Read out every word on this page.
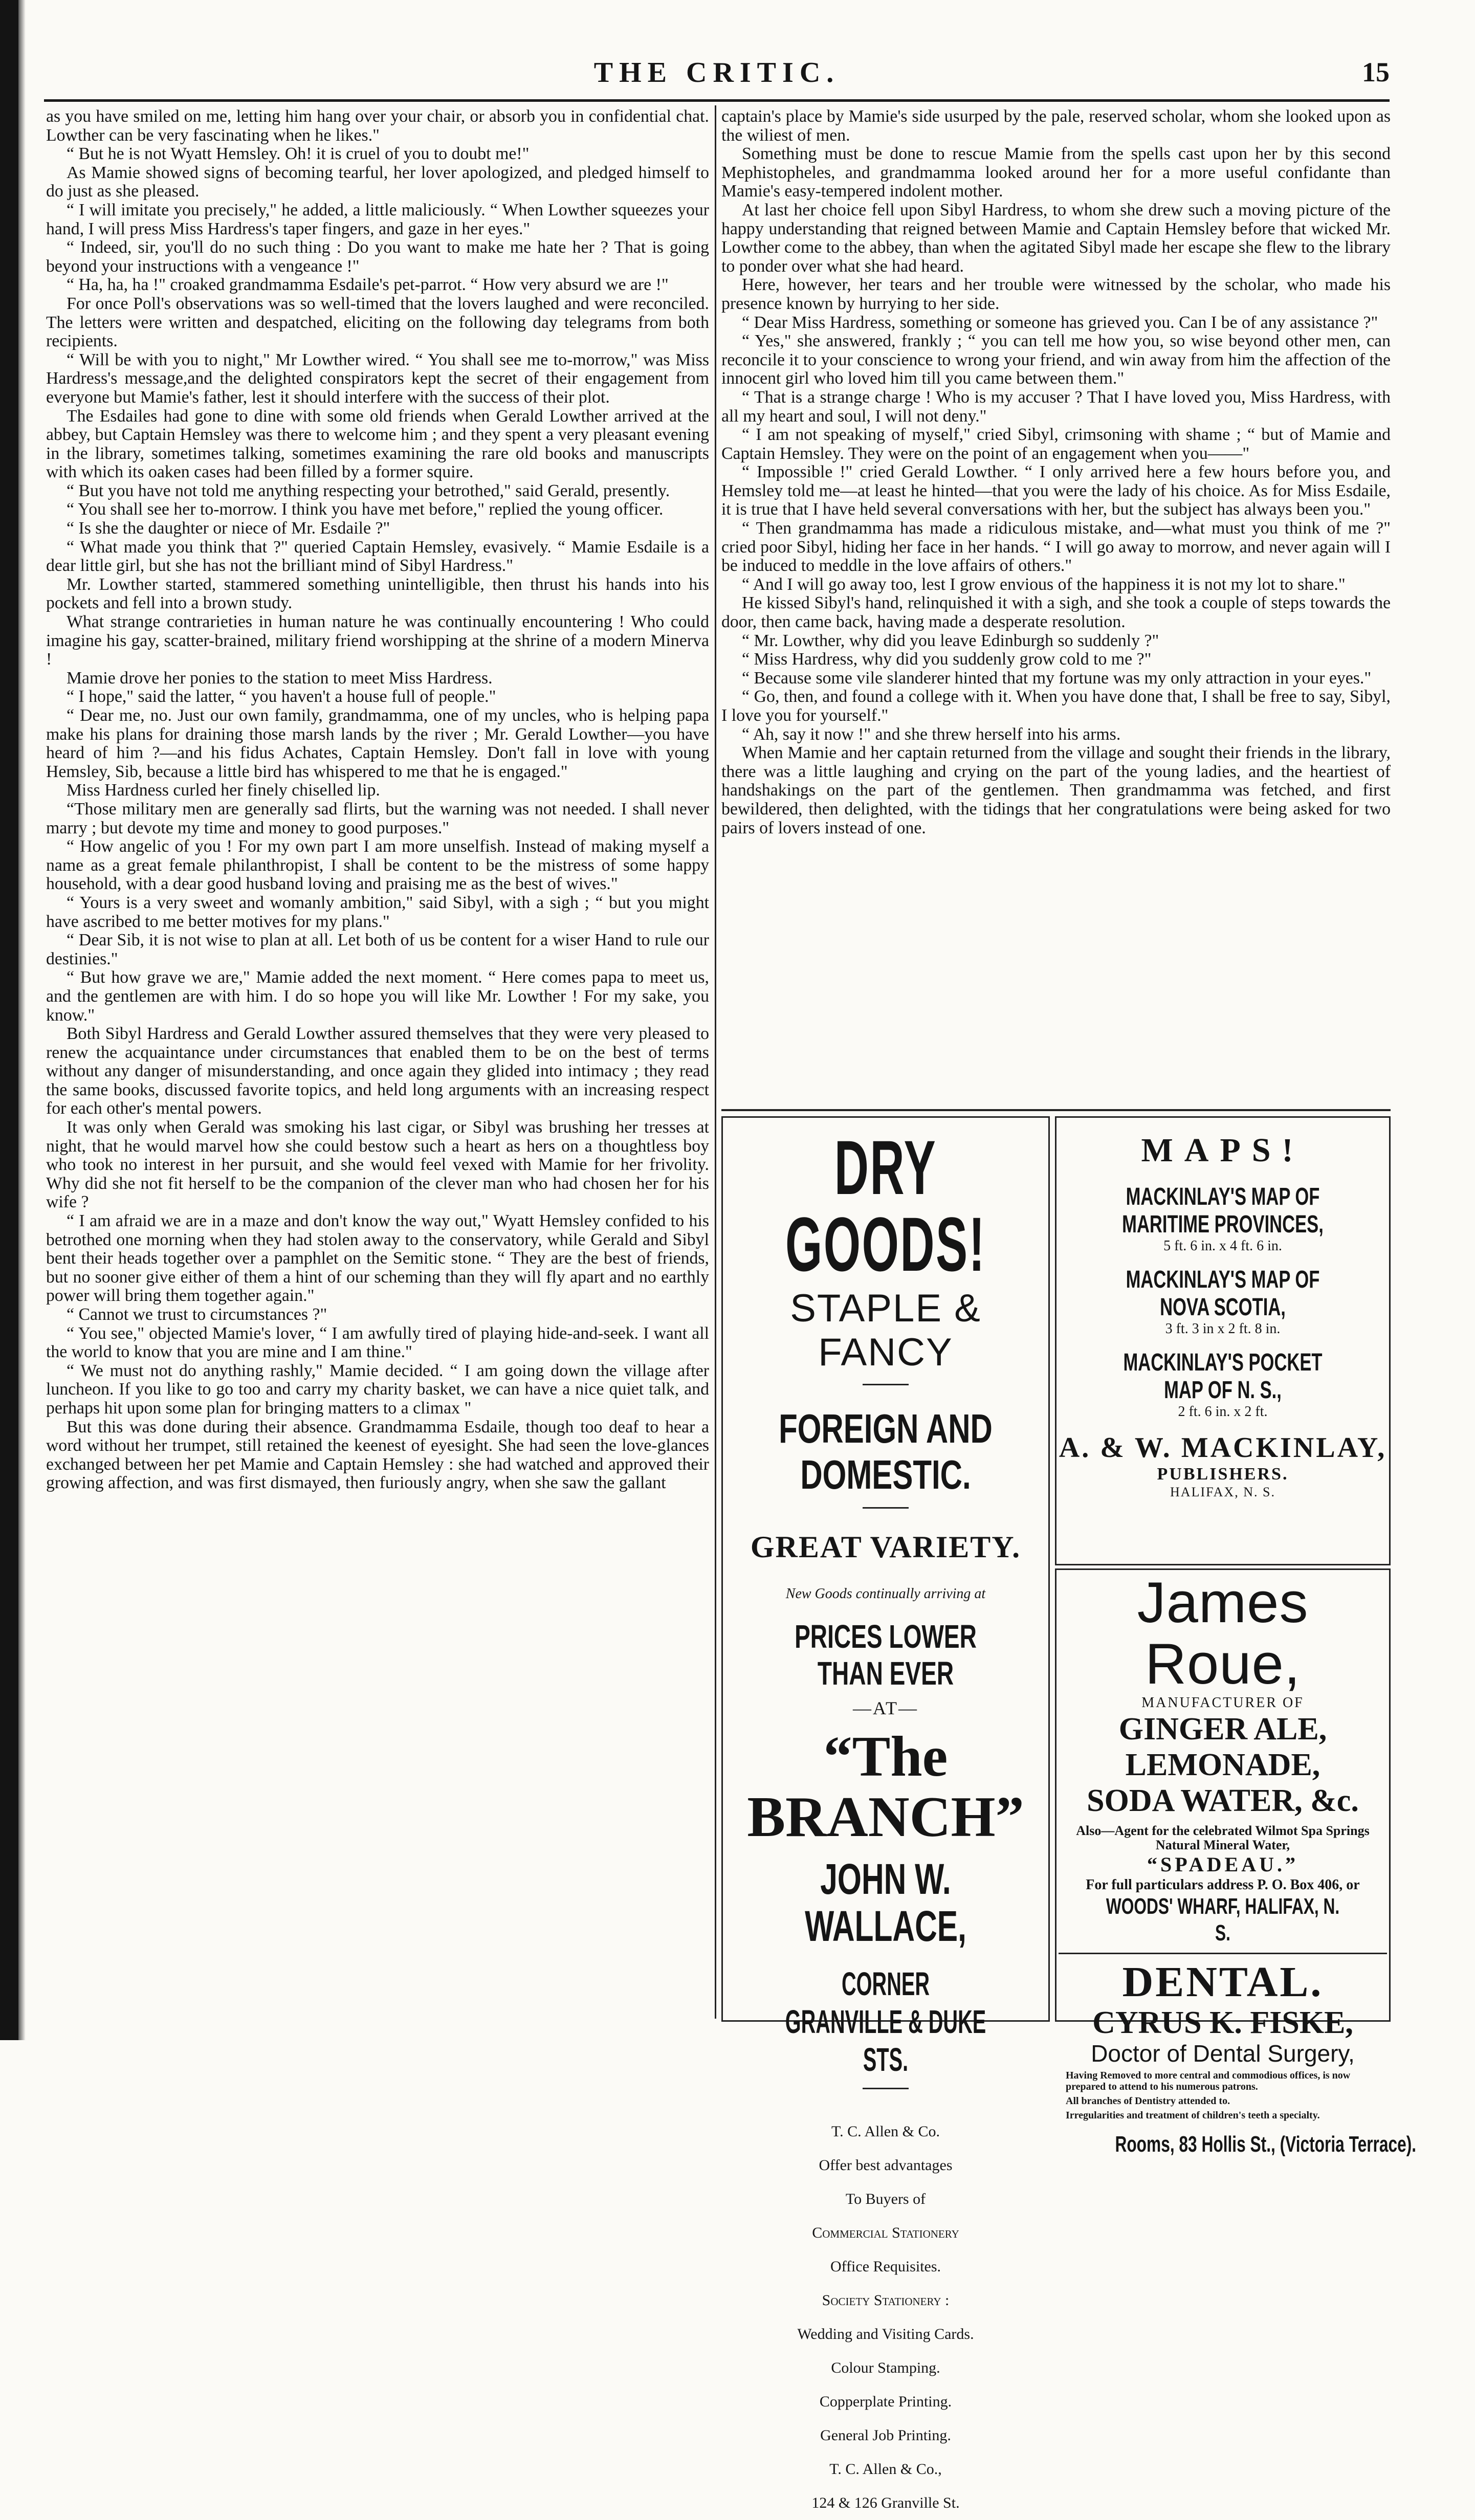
THE CRITIC.	15

as you have smiled on me, letting him hang over your chair, or absorb you in confidential chat. Lowther can be very fascinating when he likes."

“ But he is not Wyatt Hemsley. Oh! it is cruel of you to doubt me!"

As Mamie showed signs of becoming tearful, her lover apologized, and pledged himself to do just as she pleased.

“ I will imitate you precisely," he added, a little maliciously. “ When Lowther squeezes your hand, I will press Miss Hardress's taper fingers, and gaze in her eyes."

“ Indeed, sir, you'll do no such thing : Do you want to make me hate her ? That is going beyond your instructions with a vengeance !"

“ Ha, ha, ha !" croaked grandmamma Esdaile's pet-parrot. “ How very absurd we are !"

For once Poll's observations was so well-timed that the lovers laughed and were reconciled. The letters were written and despatched, eliciting on the following day telegrams from both recipients.

“ Will be with you to night," Mr Lowther wired. “ You shall see me to-morrow," was Miss Hardress's message,and the delighted conspirators kept the secret of their engagement from everyone but Mamie's father, lest it should interfere with the success of their plot.

The Esdailes had gone to dine with some old friends when Gerald Lowther arrived at the abbey, but Captain Hemsley was there to welcome him ; and they spent a very pleasant evening in the library, sometimes talking, sometimes examining the rare old books and manuscripts with which its oaken cases had been filled by a former squire.

“ But you have not told me anything respecting your betrothed," said Gerald, presently.

“ You shall see her to-morrow. I think you have met before," replied the young officer.

“ Is she the daughter or niece of Mr. Esdaile ?"

“ What made you think that ?" queried Captain Hemsley, evasively. “ Mamie Esdaile is a dear little girl, but she has not the brilliant mind of Sibyl Hardress."

Mr. Lowther started, stammered something unintelligible, then thrust his hands into his pockets and fell into a brown study.

What strange contrarieties in human nature he was continually encountering ! Who could imagine his gay, scatter-brained, military friend worshipping at the shrine of a modern Minerva !

Mamie drove her ponies to the station to meet Miss Hardress.

“ I hope," said the latter, “ you haven't a house full of people."

“ Dear me, no. Just our own family, grandmamma, one of my uncles, who is helping papa make his plans for draining those marsh lands by the river ; Mr. Gerald Lowther—you have heard of him ?—and his fidus Achates, Captain Hemsley. Don't fall in love with young Hemsley, Sib, because a little bird has whispered to me that he is engaged."

Miss Hardness curled her finely chiselled lip.

“Those military men are generally sad flirts, but the warning was not needed. I shall never marry ; but devote my time and money to good purposes."

“ How angelic of you ! For my own part I am more unselfish. Instead of making myself a name as a great female philanthropist, I shall be content to be the mistress of some happy household, with a dear good husband loving and praising me as the best of wives."

“ Yours is a very sweet and womanly ambition," said Sibyl, with a sigh ; “ but you might have ascribed to me better motives for my plans."

“ Dear Sib, it is not wise to plan at all. Let both of us be content for a wiser Hand to rule our destinies."

“ But how grave we are," Mamie added the next moment. “ Here comes papa to meet us, and the gentlemen are with him. I do so hope you will like Mr. Lowther ! For my sake, you know."

Both Sibyl Hardress and Gerald Lowther assured themselves that they were very pleased to renew the acquaintance under circumstances that enabled them to be on the best of terms without any danger of misunderstanding, and once again they glided into intimacy ; they read the same books, discussed favorite topics, and held long arguments with an increasing respect for each other's mental powers.

It was only when Gerald was smoking his last cigar, or Sibyl was brushing her tresses at night, that he would marvel how she could bestow such a heart as hers on a thoughtless boy who took no interest in her pursuit, and she would feel vexed with Mamie for her frivolity. Why did she not fit herself to be the companion of the clever man who had chosen her for his wife ?

“ I am afraid we are in a maze and don't know the way out," Wyatt Hemsley confided to his betrothed one morning when they had stolen away to the conservatory, while Gerald and Sibyl bent their heads together over a pamphlet on the Semitic stone. “ They are the best of friends, but no sooner give either of them a hint of our scheming than they will fly apart and no earthly power will bring them together again."

“ Cannot we trust to circumstances ?"

“ You see," objected Mamie's lover, “ I am awfully tired of playing hide-and-seek. I want all the world to know that you are mine and I am thine."

“ We must not do anything rashly," Mamie decided. “ I am going down the village after luncheon. If you like to go too and carry my charity basket, we can have a nice quiet talk, and perhaps hit upon some plan for bringing matters to a climax "

But this was done during their absence. Grandmamma Esdaile, though too deaf to hear a word without her trumpet, still retained the keenest of eyesight. She had seen the love-glances exchanged between her pet Mamie and Captain Hemsley : she had watched and approved their growing affection, and was first dismayed, then furiously angry, when she saw the gallant

captain's place by Mamie's side usurped by the pale, reserved scholar, whom she looked upon as the wiliest of men.

Something must be done to rescue Mamie from the spells cast upon her by this second Mephistopheles, and grandmamma looked around her for a more useful confidante than Mamie's easy-tempered indolent mother.

At last her choice fell upon Sibyl Hardress, to whom she drew such a moving picture of the happy understanding that reigned between Mamie and Captain Hemsley before that wicked Mr. Lowther come to the abbey, than when the agitated Sibyl made her escape she flew to the library to ponder over what she had heard.

Here, however, her tears and her trouble were witnessed by the scholar, who made his presence known by hurrying to her side.

“ Dear Miss Hardress, something or someone has grieved you. Can I be of any assistance ?"

“ Yes," she answered, frankly ; “ you can tell me how you, so wise beyond other men, can reconcile it to your conscience to wrong your friend, and win away from him the affection of the innocent girl who loved him till you came between them."

“ That is a strange charge ! Who is my accuser ? That I have loved you, Miss Hardress, with all my heart and soul, I will not deny."

“ I am not speaking of myself," cried Sibyl, crimsoning with shame ; “ but of Mamie and Captain Hemsley. They were on the point of an engagement when you——"

“ Impossible !" cried Gerald Lowther. “ I only arrived here a few hours before you, and Hemsley told me—at least he hinted—that you were the lady of his choice. As for Miss Esdaile, it is true that I have held several conversations with her, but the subject has always been you."

“ Then grandmamma has made a ridiculous mistake, and—what must you think of me ?" cried poor Sibyl, hiding her face in her hands. “ I will go away to morrow, and never again will I be induced to meddle in the love affairs of others."

“ And I will go away too, lest I grow envious of the happiness it is not my lot to share."

He kissed Sibyl's hand, relinquished it with a sigh, and she took a couple of steps towards the door, then came back, having made a desperate resolution.

“ Mr. Lowther, why did you leave Edinburgh so suddenly ?"

“ Miss Hardress, why did you suddenly grow cold to me ?"

“ Because some vile slanderer hinted that my fortune was my only attraction in your eyes."

“ Go, then, and found a college with it. When you have done that, I shall be free to say, Sibyl, I love you for yourself."

“ Ah, say it now !" and she threw herself into his arms.

When Mamie and her captain returned from the village and sought their friends in the library, there was a little laughing and crying on the part of the young ladies, and the heartiest of handshakings on the part of the gentlemen. Then grandmamma was fetched, and first bewildered, then delighted, with the tidings that her congratulations were being asked for two pairs of lovers instead of one.

DRY GOODS!
STAPLE & FANCY
FOREIGN AND DOMESTIC.
GREAT VARIETY.
New Goods continually arriving at
PRICES LOWER THAN EVER
—AT—
“The BRANCH”
JOHN W. WALLACE, CORNER GRANVILLE & DUKE STS.
T. C. Allen & Co.
Offer best advantages
To Buyers of
Commercial Stationery
Office Requisites.
Society Stationery :
Wedding and Visiting Cards.
Colour Stamping.
Copperplate Printing.
General Job Printing.
T. C. Allen & Co.,
124 & 126 Granville St.
MAPS!
MACKINLAY'S MAP OF MARITIME PROVINCES,
5 ft. 6 in. x 4 ft. 6 in.
MACKINLAY'S MAP OF NOVA SCOTIA,
3 ft. 3 in x 2 ft. 8 in.
MACKINLAY'S POCKET MAP OF N. S.,
2 ft. 6 in. x 2 ft.
A. & W. MACKINLAY,
PUBLISHERS.
HALIFAX, N. S.
James Roue,
MANUFACTURER OF
GINGER ALE,
LEMONADE,
SODA WATER, &c.
Also—Agent for the celebrated Wilmot Spa Springs Natural Mineral Water,
“SPADEAU.”
For full particulars address P. O. Box 406, or
WOODS' WHARF, HALIFAX, N. S.
DENTAL.
CYRUS K. FISKE,
Doctor of Dental Surgery,
Having Removed to more central and commodious offices, is now prepared to attend to his numerous patrons.
All branches of Dentistry attended to.
Irregularities and treatment of children's teeth a specialty.
Rooms, 83 Hollis St., (Victoria Terrace).
